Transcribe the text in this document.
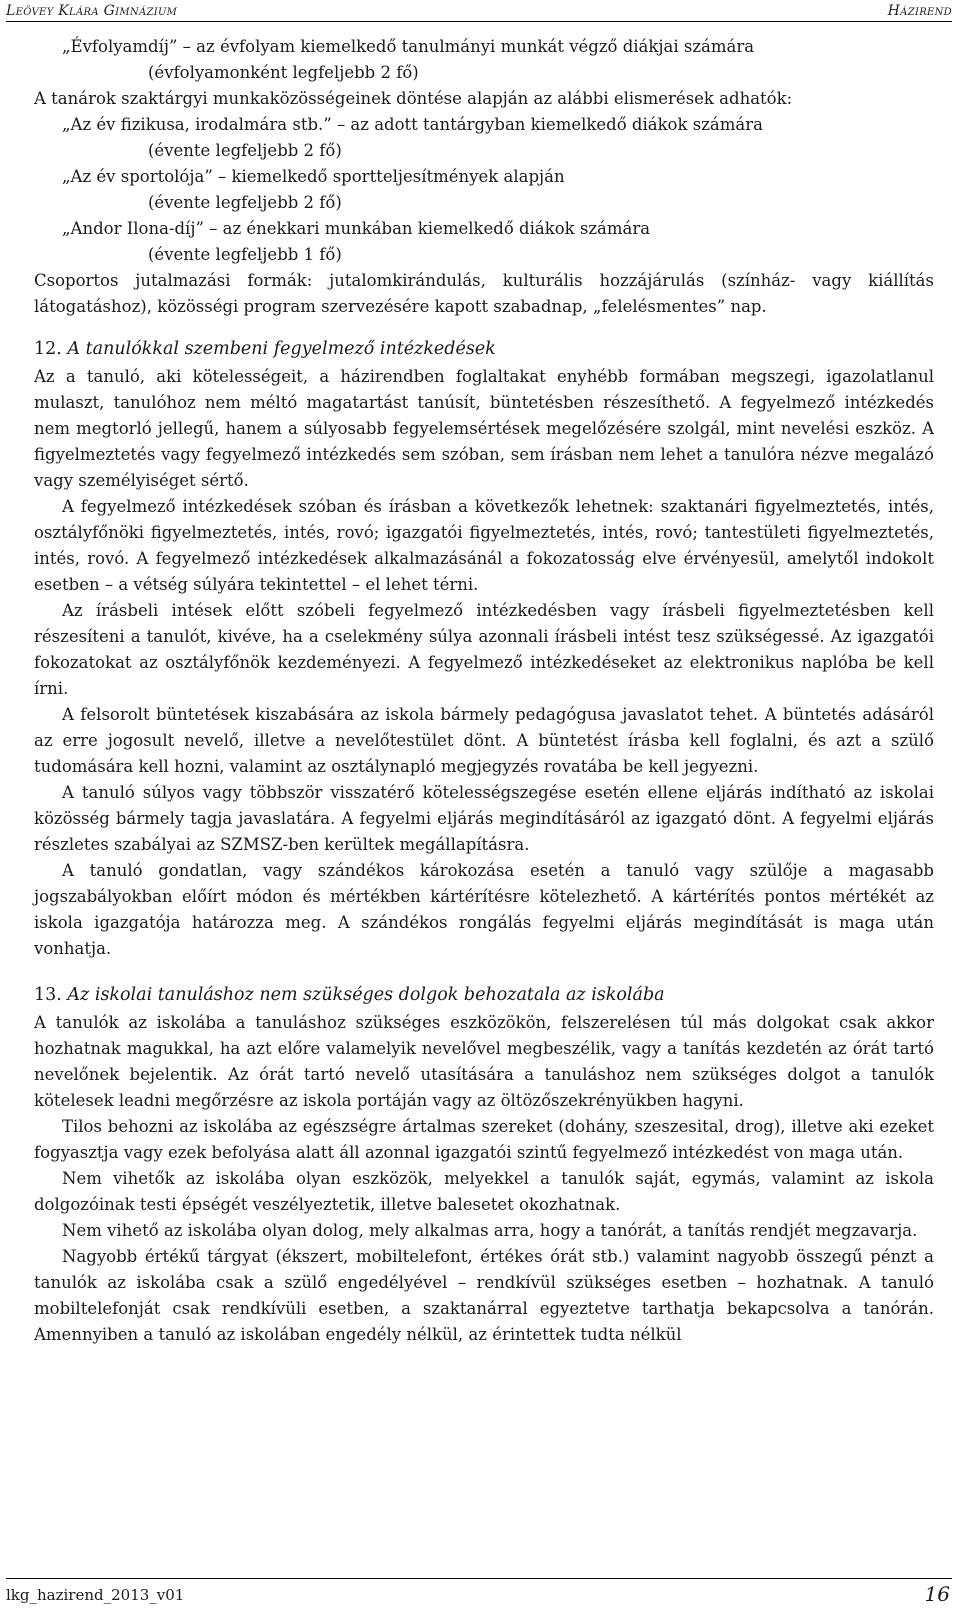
Leövey Klára Gimnázium	Házirend
„Évfolyamdíj” – az évfolyam kiemelkedő tanulmányi munkát végző diákjai számára
(évfolyamonként legfeljebb 2 fő)
A tanárok szaktárgyi munkaközösségeinek döntése alapján az alábbi elismerések adhatók:
„Az év fizikusa, irodalmára stb.” – az adott tantárgyban kiemelkedő diákok számára
(évente legfeljebb 2 fő)
„Az év sportolója” – kiemelkedő sportteljesítmények alapján
(évente legfeljebb 2 fő)
„Andor Ilona-díj” – az énekkari munkában kiemelkedő diákok számára
(évente legfeljebb 1 fő)

Csoportos jutalmazási formák: jutalomkirándulás, kulturális hozzájárulás (színház- vagy kiállítás látogatáshoz), közösségi program szervezésére kapott szabadnap, „felelésmentes” nap.

12. A tanulókkal szembeni fegyelmező intézkedések

Az a tanuló, aki kötelességeit, a házirendben foglaltakat enyhébb formában megszegi, igazolatlanul mulaszt, tanulóhoz nem méltó magatartást tanúsít, büntetésben részesíthető. A fegyelmező intézkedés nem megtorló jellegű, hanem a súlyosabb fegyelemsértések megelőzésére szolgál, mint nevelési eszköz. A figyelmeztetés vagy fegyelmező intézkedés sem szóban, sem írásban nem lehet a tanulóra nézve megalázó vagy személyiséget sértő.

A fegyelmező intézkedések szóban és írásban a következők lehetnek: szaktanári figyelmeztetés, intés, osztályfőnöki figyelmeztetés, intés, rovó; igazgatói figyelmeztetés, intés, rovó; tantestületi figyelmeztetés, intés, rovó. A fegyelmező intézkedések alkalmazásánál a fokozatosság elve érvényesül, amelytől indokolt esetben – a vétség súlyára tekintettel – el lehet térni.

Az írásbeli intések előtt szóbeli fegyelmező intézkedésben vagy írásbeli figyelmeztetésben kell részesíteni a tanulót, kivéve, ha a cselekmény súlya azonnali írásbeli intést tesz szükségessé. Az igazgatói fokozatokat az osztályfőnök kezdeményezi. A fegyelmező intézkedéseket az elektronikus naplóba be kell írni.

A felsorolt büntetések kiszabására az iskola bármely pedagógusa javaslatot tehet. A büntetés adásáról az erre jogosult nevelő, illetve a nevelőtestület dönt. A büntetést írásba kell foglalni, és azt a szülő tudomására kell hozni, valamint az osztálynapló megjegyzés rovatába be kell jegyezni.

A tanuló súlyos vagy többször visszatérő kötelességszegése esetén ellene eljárás indítható az iskolai közösség bármely tagja javaslatára. A fegyelmi eljárás megindításáról az igazgató dönt. A fegyelmi eljárás részletes szabályai az SZMSZ-ben kerültek megállapításra.

A tanuló gondatlan, vagy szándékos károkozása esetén a tanuló vagy szülője a magasabb jogszabályokban előírt módon és mértékben kártérítésre kötelezhető. A kártérítés pontos mértékét az iskola igazgatója határozza meg. A szándékos rongálás fegyelmi eljárás megindítását is maga után vonhatja.

13. Az iskolai tanuláshoz nem szükséges dolgok behozatala az iskolába

A tanulók az iskolába a tanuláshoz szükséges eszközökön, felszerelésen túl más dolgokat csak akkor hozhatnak magukkal, ha azt előre valamelyik nevelővel megbeszélik, vagy a tanítás kezdetén az órát tartó nevelőnek bejelentik. Az órát tartó nevelő utasítására a tanuláshoz nem szükséges dolgot a tanulók kötelesek leadni megőrzésre az iskola portáján vagy az öltözőszekrényükben hagyni.

Tilos behozni az iskolába az egészségre ártalmas szereket (dohány, szeszesital, drog), illetve aki ezeket fogyasztja vagy ezek befolyása alatt áll azonnal igazgatói szintű fegyelmező intézkedést von maga után.

Nem vihetők az iskolába olyan eszközök, melyekkel a tanulók saját, egymás, valamint az iskola dolgozóinak testi épségét veszélyeztetik, illetve balesetet okozhatnak.

Nem vihető az iskolába olyan dolog, mely alkalmas arra, hogy a tanórát, a tanítás rendjét megzavarja.

Nagyobb értékű tárgyat (ékszert, mobiltelefont, értékes órát stb.) valamint nagyobb összegű pénzt a tanulók az iskolába csak a szülő engedélyével – rendkívül szükséges esetben – hozhatnak. A tanuló mobiltelefonját csak rendkívüli esetben, a szaktanárral egyeztetve tarthatja bekapcsolva a tanórán. Amennyiben a tanuló az iskolában engedély nélkül, az érintettek tudta nélkül

lkg_hazirend_2013_v01	16
